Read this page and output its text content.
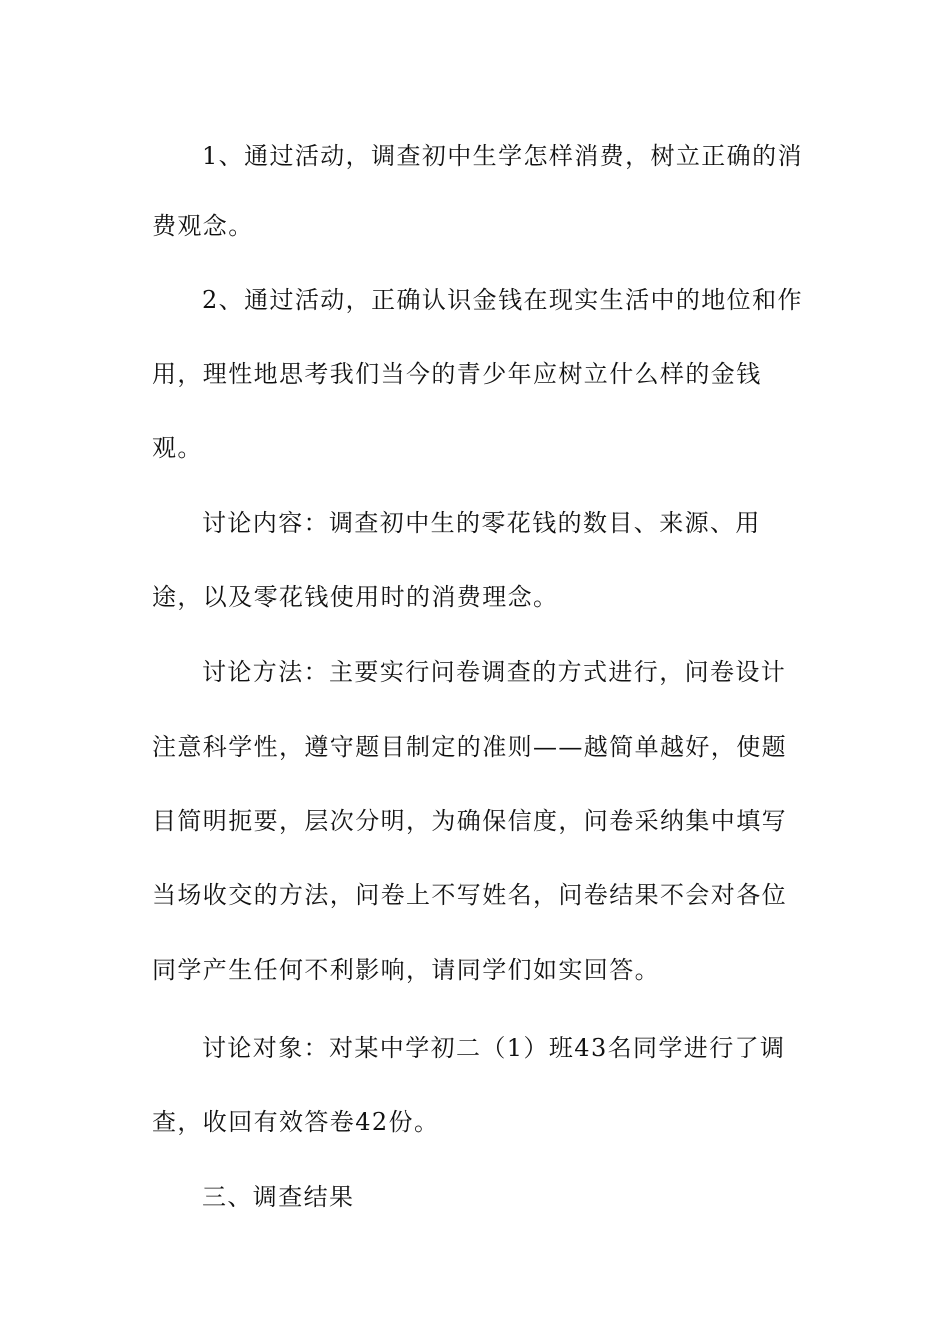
1、通过活动，调查初中生学怎样消费，树立正确的消
费观念。
2、通过活动，正确认识金钱在现实生活中的地位和作
用，理性地思考我们当今的青少年应树立什么样的金钱
观。
讨论内容：调查初中生的零花钱的数目、来源、用
途，以及零花钱使用时的消费理念。
讨论方法：主要实行问卷调查的方式进行，问卷设计
注意科学性，遵守题目制定的准则——越简单越好，使题
目简明扼要，层次分明，为确保信度，问卷采纳集中填写
当场收交的方法，问卷上不写姓名，问卷结果不会对各位
同学产生任何不利影响，请同学们如实回答。
讨论对象：对某中学初二（1）班43名同学进行了调
查，收回有效答卷42份。
三、调查结果
